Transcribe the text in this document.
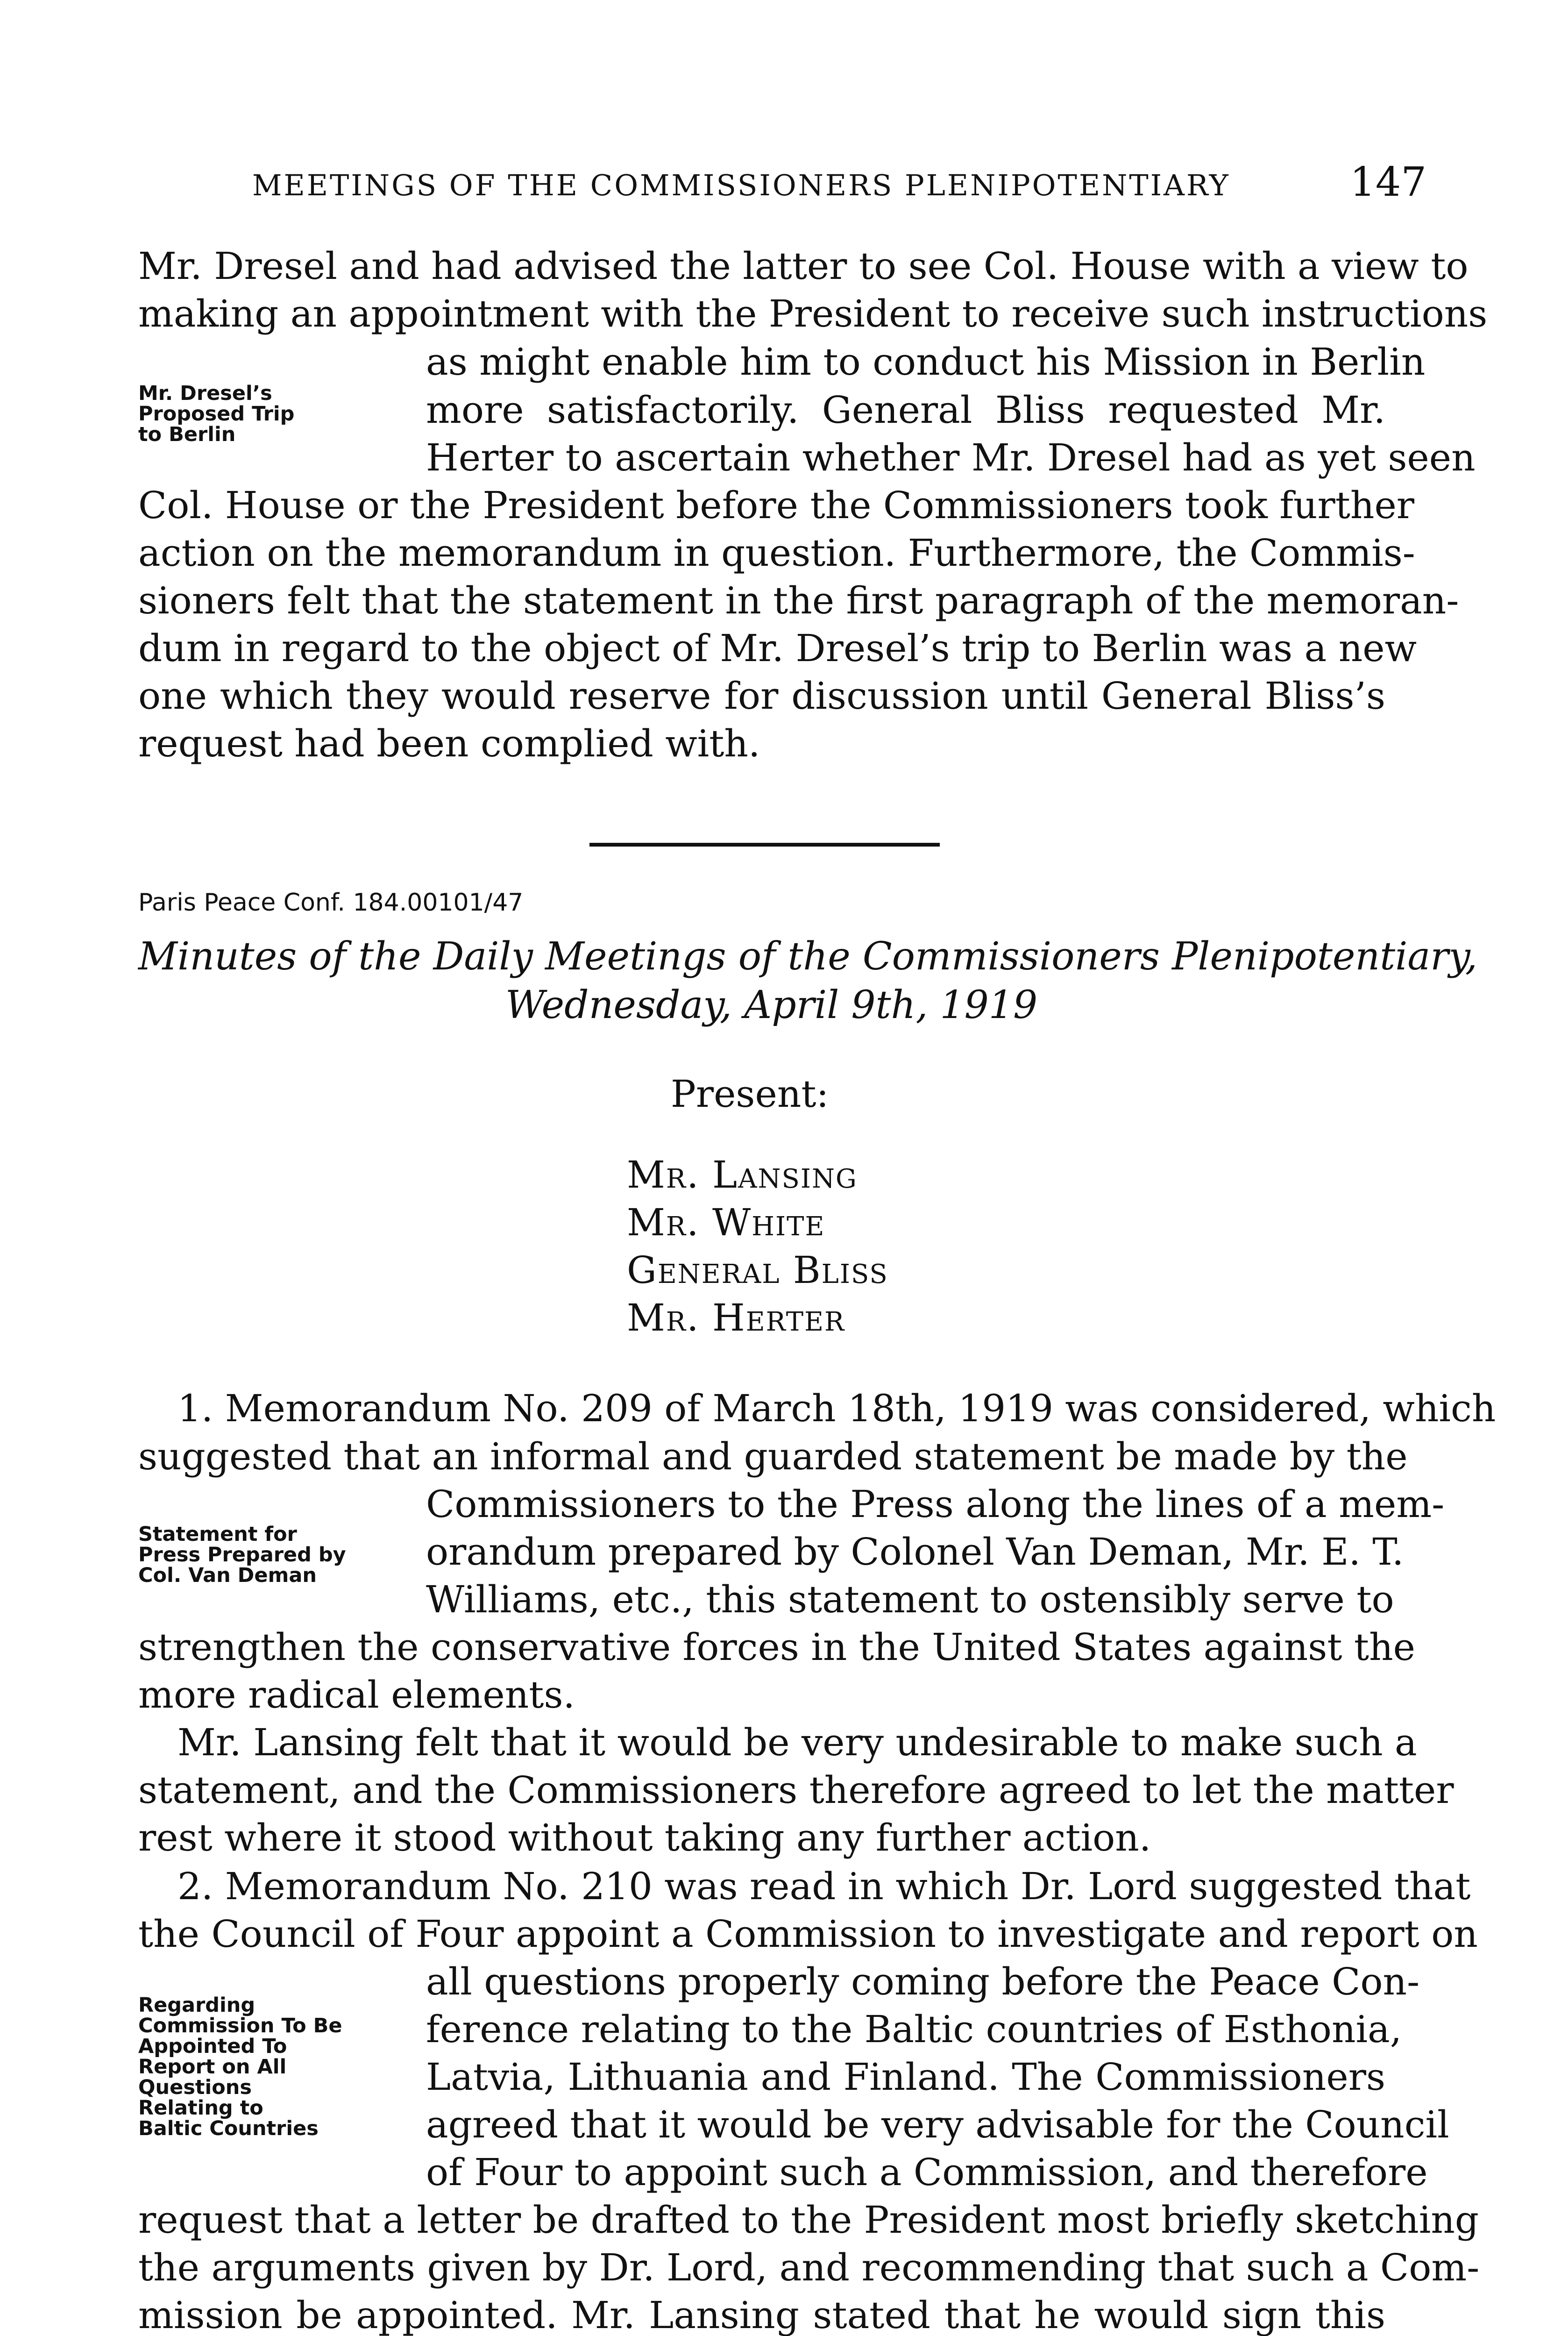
MEETINGS OF THE COMMISSIONERS PLENIPOTENTIARY	147
Mr. Dresel and had advised the latter to see Col. House with a view to
making an appointment with the President to receive such instructions
as might enable him to conduct his Mission in Berlin
more satisfactorily. General Bliss requested Mr.
Herter to ascertain whether Mr. Dresel had as yet seen
Col. House or the President before the Commissioners took further
action on the memorandum in question. Furthermore, the Commis-
sioners felt that the statement in the first paragraph of the memoran-
dum in regard to the object of Mr. Dresel’s trip to Berlin was a new
one which they would reserve for discussion until General Bliss’s
request had been complied with.
Mr. Dresel’s
Proposed Trip
to Berlin
Paris Peace Conf. 184.00101/47
Minutes of the Daily Meetings of the Commissioners Plenipotentiary,
Wednesday, April 9th, 1919
Present:
Mr. Lansing
Mr. White
General Bliss
Mr. Herter
1. Memorandum No. 209 of March 18th, 1919 was considered, which
suggested that an informal and guarded statement be made by the
Commissioners to the Press along the lines of a mem-
orandum prepared by Colonel Van Deman, Mr. E. T.
Williams, etc., this statement to ostensibly serve to
strengthen the conservative forces in the United States against the
more radical elements.
Statement for
Press Prepared by
Col. Van Deman
Mr. Lansing felt that it would be very undesirable to make such a
statement, and the Commissioners therefore agreed to let the matter
rest where it stood without taking any further action.
2. Memorandum No. 210 was read in which Dr. Lord suggested that
the Council of Four appoint a Commission to investigate and report on
all questions properly coming before the Peace Con-
ference relating to the Baltic countries of Esthonia,
Latvia, Lithuania and Finland. The Commissioners
agreed that it would be very advisable for the Council
of Four to appoint such a Commission, and therefore
request that a letter be drafted to the President most briefly sketching
the arguments given by Dr. Lord, and recommending that such a Com-
mission be appointed. Mr. Lansing stated that he would sign this
Regarding
Commission To Be
Appointed To
Report on All
Questions
Relating to
Baltic Countries
